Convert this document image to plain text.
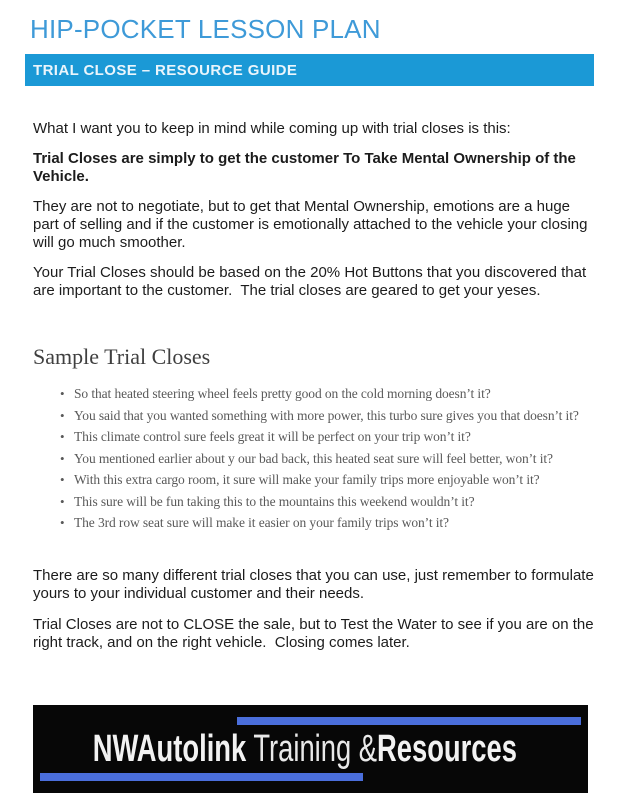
HIP-POCKET LESSON PLAN
TRIAL CLOSE – RESOURCE GUIDE

What I want you to keep in mind while coming up with trial closes is this:

Trial Closes are simply to get the customer To Take Mental Ownership of the Vehicle.

They are not to negotiate, but to get that Mental Ownership, emotions are a huge part of selling and if the customer is emotionally attached to the vehicle your closing will go much smoother.

Your Trial Closes should be based on the 20% Hot Buttons that you discovered that are important to the customer.  The trial closes are geared to get your yeses.

Sample Trial Closes
• So that heated steering wheel feels pretty good on the cold morning doesn’t it?
• You said that you wanted something with more power, this turbo sure gives you that doesn’t it?
• This climate control sure feels great it will be perfect on your trip won’t it?
• You mentioned earlier about y our bad back, this heated seat sure will feel better, won’t it?
• With this extra cargo room, it sure will make your family trips more enjoyable won’t it?
• This sure will be fun taking this to the mountains this weekend wouldn’t it?
• The 3rd row seat sure will make it easier on your family trips won’t it?

There are so many different trial closes that you can use, just remember to formulate yours to your individual customer and their needs.

Trial Closes are not to CLOSE the sale, but to Test the Water to see if you are on the right track, and on the right vehicle.  Closing comes later.

NWAutolink Training &Resources
